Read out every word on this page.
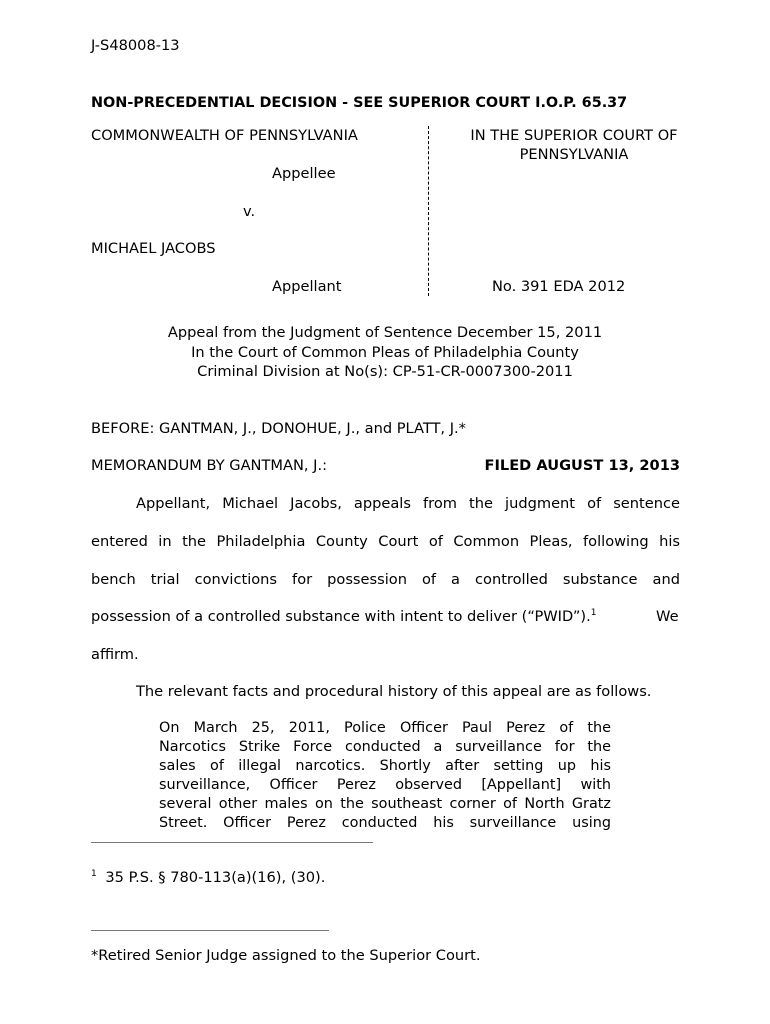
J-S48008-13
NON-PRECEDENTIAL DECISION - SEE SUPERIOR COURT I.O.P. 65.37
COMMONWEALTH OF PENNSYLVANIA
Appellee
v.
MICHAEL JACOBS
Appellant
IN THE SUPERIOR COURT OF
PENNSYLVANIA
No. 391 EDA 2012
Appeal from the Judgment of Sentence December 15, 2011
In the Court of Common Pleas of Philadelphia County
Criminal Division at No(s): CP-51-CR-0007300-2011
BEFORE: GANTMAN, J., DONOHUE, J., and PLATT, J.*
MEMORANDUM BY GANTMAN, J.:	FILED AUGUST 13, 2013
Appellant, Michael Jacobs, appeals from the judgment of sentence
entered in the Philadelphia County Court of Common Pleas, following his
bench trial convictions for possession of a controlled substance and
possession of a controlled substance with intent to deliver (“PWID”).$^1$	We
affirm.
The relevant facts and procedural history of this appeal are as follows.
On March 25, 2011, Police Officer Paul Perez of the
Narcotics Strike Force conducted a surveillance for the
sales of illegal narcotics. Shortly after setting up his
surveillance, Officer Perez observed [Appellant] with
several other males on the southeast corner of North Gratz
Street. Officer Perez conducted his surveillance using
$^1$ 35 P.S. § 780-113(a)(16), (30).
*Retired Senior Judge assigned to the Superior Court.
